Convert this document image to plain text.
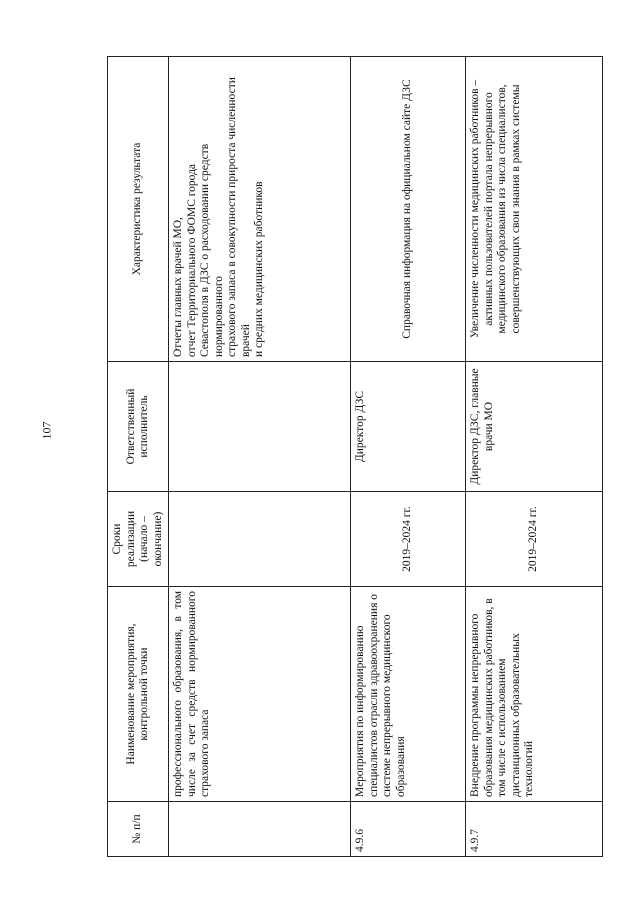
107
№ п/п	Наименование мероприятия, контрольной точки	Сроки реализации (начало – окончание)	Ответственный исполнитель	Характеристика результата
	профессионального образования, в том числе за счет средств нормированного страхового запаса			Отчеты главных врачей МО,
отчет Территориального ФОМС города
Севастополя в ДЗС о расходовании средств нормированного
страхового запаса в совокупности прироста численности врачей
и средних медицинских работников
4.9.6	Мероприятия по информированию специалистов отрасли здравоохранения о системе непрерывного медицинского образования	2019–2024 гг.	Директор ДЗС	Справочная информация на официальном сайте ДЗС
4.9.7	Внедрение программы непрерывного образования медицинских работников, в том числе с использованием дистанционных образовательных технологий	2019–2024 гг.	Директор ДЗС, главные врачи МО	Увеличение численности медицинских работников – активных пользователей портала непрерывного медицинского образования из числа специалистов, совершенствующих свои знания в рамках системы
